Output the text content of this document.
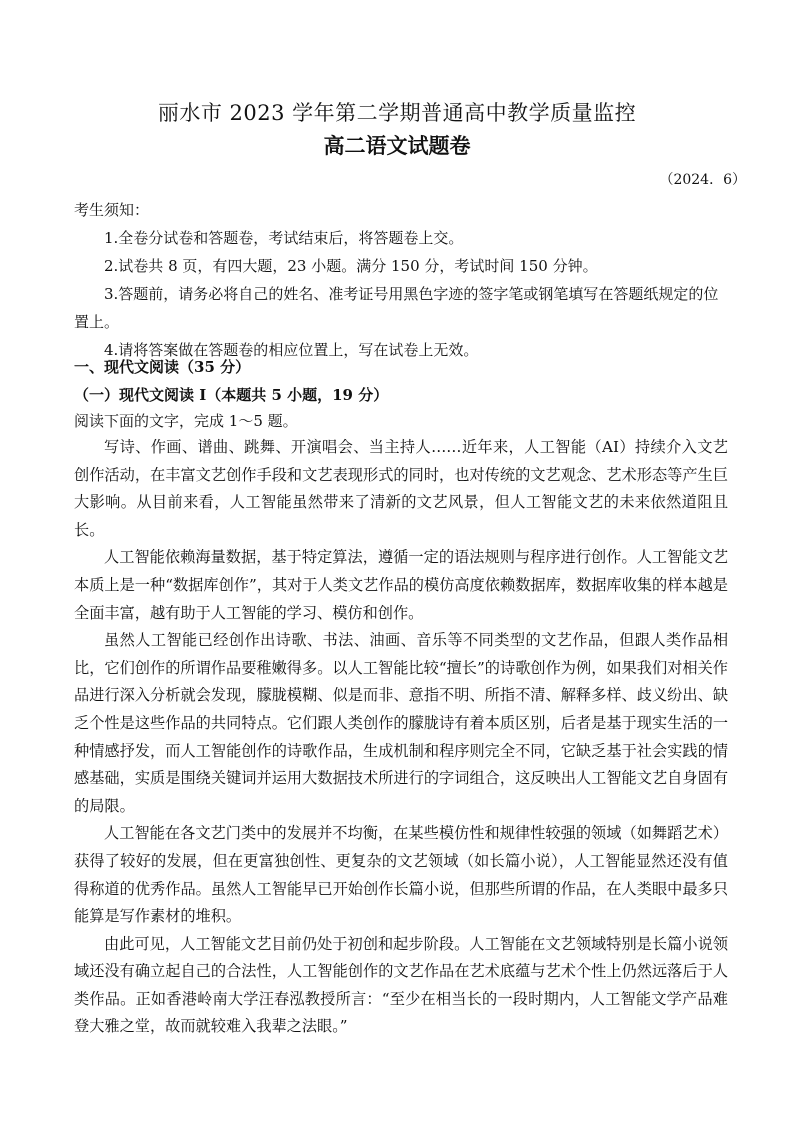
丽水市 2023 学年第二学期普通高中教学质量监控
高二语文试题卷
（2024．6）
考生须知：
1.全卷分试卷和答题卷，考试结束后，将答题卷上交。
2.试卷共 8 页，有四大题，23 小题。满分 150 分，考试时间 150 分钟。
3.答题前，请务必将自己的姓名、准考证号用黑色字迹的签字笔或钢笔填写在答题纸规定的位置上。
4.请将答案做在答题卷的相应位置上，写在试卷上无效。
一、现代文阅读（35 分）
（一）现代文阅读 I（本题共 5 小题，19 分）
阅读下面的文字，完成 1～5 题。

写诗、作画、谱曲、跳舞、开演唱会、当主持人……近年来，人工智能（AI）持续介入文艺创作活动，在丰富文艺创作手段和文艺表现形式的同时，也对传统的文艺观念、艺术形态等产生巨大影响。从目前来看，人工智能虽然带来了清新的文艺风景，但人工智能文艺的未来依然道阻且长。

人工智能依赖海量数据，基于特定算法，遵循一定的语法规则与程序进行创作。人工智能文艺本质上是一种“数据库创作”，其对于人类文艺作品的模仿高度依赖数据库，数据库收集的样本越是全面丰富，越有助于人工智能的学习、模仿和创作。

虽然人工智能已经创作出诗歌、书法、油画、音乐等不同类型的文艺作品，但跟人类作品相比，它们创作的所谓作品要稚嫩得多。以人工智能比较“擅长”的诗歌创作为例，如果我们对相关作品进行深入分析就会发现，朦胧模糊、似是而非、意指不明、所指不清、解释多样、歧义纷出、缺乏个性是这些作品的共同特点。它们跟人类创作的朦胧诗有着本质区别，后者是基于现实生活的一种情感抒发，而人工智能创作的诗歌作品，生成机制和程序则完全不同，它缺乏基于社会实践的情感基础，实质是围绕关键词并运用大数据技术所进行的字词组合，这反映出人工智能文艺自身固有的局限。

人工智能在各文艺门类中的发展并不均衡，在某些模仿性和规律性较强的领域（如舞蹈艺术）获得了较好的发展，但在更富独创性、更复杂的文艺领域（如长篇小说），人工智能显然还没有值得称道的优秀作品。虽然人工智能早已开始创作长篇小说，但那些所谓的作品，在人类眼中最多只能算是写作素材的堆积。

由此可见，人工智能文艺目前仍处于初创和起步阶段。人工智能在文艺领域特别是长篇小说领域还没有确立起自己的合法性，人工智能创作的文艺作品在艺术底蕴与艺术个性上仍然远落后于人类作品。正如香港岭南大学汪春泓教授所言：“至少在相当长的一段时期内，人工智能文学产品难登大雅之堂，故而就较难入我辈之法眼。”
